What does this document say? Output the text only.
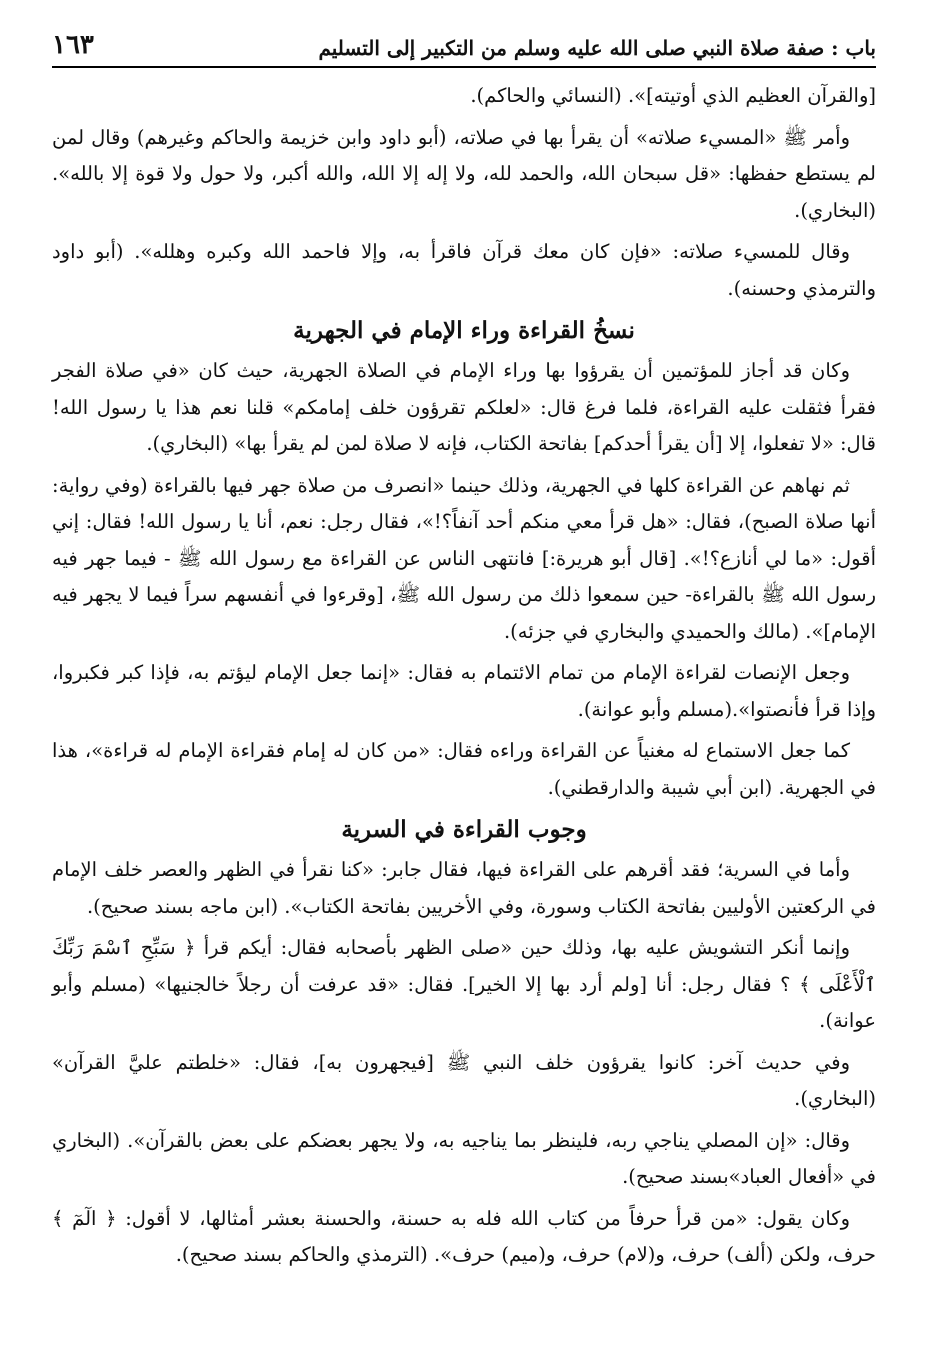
باب : صفة صلاة النبي صلى الله عليه وسلم من التكبير إلى التسليم
١٦٣

[والقرآن العظيم الذي أوتيته]». (النسائي والحاكم).

وأمر ﷺ «المسيء صلاته» أن يقرأ بها في صلاته، (أبو داود وابن خزيمة والحاكم وغيرهم) وقال لمن لم يستطع حفظها: «قل سبحان الله، والحمد لله، ولا إله إلا الله، والله أكبر، ولا حول ولا قوة إلا بالله». (البخاري).

وقال للمسيء صلاته: «فإن كان معك قرآن فاقرأ به، وإلا فاحمد الله وكبره وهلله». (أبو داود والترمذي وحسنه).

نسخُ القراءة وراء الإمام في الجهرية

وكان قد أجاز للمؤتمين أن يقرؤوا بها وراء الإمام في الصلاة الجهرية، حيث كان «في صلاة الفجر فقرأ فثقلت عليه القراءة، فلما فرغ قال: «لعلكم تقرؤون خلف إمامكم» قلنا نعم هذا يا رسول الله! قال: «لا تفعلوا، إلا [أن يقرأ أحدكم] بفاتحة الكتاب، فإنه لا صلاة لمن لم يقرأ بها» (البخاري).

ثم نهاهم عن القراءة كلها في الجهرية، وذلك حينما «انصرف من صلاة جهر فيها بالقراءة (وفي رواية: أنها صلاة الصبح)، فقال: «هل قرأ معي منكم أحد آنفاً؟!»، فقال رجل: نعم، أنا يا رسول الله! فقال: إني أقول: «ما لي أنازع؟!». [قال أبو هريرة:] فانتهى الناس عن القراءة مع رسول الله ﷺ - فيما جهر فيه رسول الله ﷺ بالقراءة- حين سمعوا ذلك من رسول الله ﷺ، [وقرءوا في أنفسهم سراً فيما لا يجهر فيه الإمام]». (مالك والحميدي والبخاري في جزئه).

وجعل الإنصات لقراءة الإمام من تمام الائتمام به فقال: «إنما جعل الإمام ليؤتم به، فإذا كبر فكبروا، وإذا قرأ فأنصتوا».(مسلم وأبو عوانة).

كما جعل الاستماع له مغنياً عن القراءة وراءه فقال: «من كان له إمام فقراءة الإمام له قراءة»، هذا في الجهرية. (ابن أبي شيبة والدارقطني).

وجوب القراءة في السرية

وأما في السرية؛ فقد أقرهم على القراءة فيها، فقال جابر: «كنا نقرأ في الظهر والعصر خلف الإمام في الركعتين الأوليين بفاتحة الكتاب وسورة، وفي الأخريين بفاتحة الكتاب». (ابن ماجه بسند صحيح).

وإنما أنكر التشويش عليه بها، وذلك حين «صلى الظهر بأصحابه فقال: أيكم قرأ ﴿ سَبِّحِ ٱسْمَ رَبِّكَ ٱلْأَعْلَى ﴾ ؟ فقال رجل: أنا [ولم أرد بها إلا الخير]. فقال: «قد عرفت أن رجلاً خالجنيها» (مسلم وأبو عوانة).

وفي حديث آخر: كانوا يقرؤون خلف النبي ﷺ [فيجهرون به]، فقال: «خلطتم عليَّ القرآن» (البخاري).

وقال: «إن المصلي يناجي ربه، فلينظر بما يناجيه به، ولا يجهر بعضكم على بعض بالقرآن». (البخاري في «أفعال العباد»بسند صحيح).

وكان يقول: «من قرأ حرفاً من كتاب الله فله به حسنة، والحسنة بعشر أمثالها، لا أقول: ﴿ الٓمٓ ﴾ حرف، ولكن (ألف) حرف، و(لام) حرف، و(ميم) حرف». (الترمذي والحاكم بسند صحيح).
